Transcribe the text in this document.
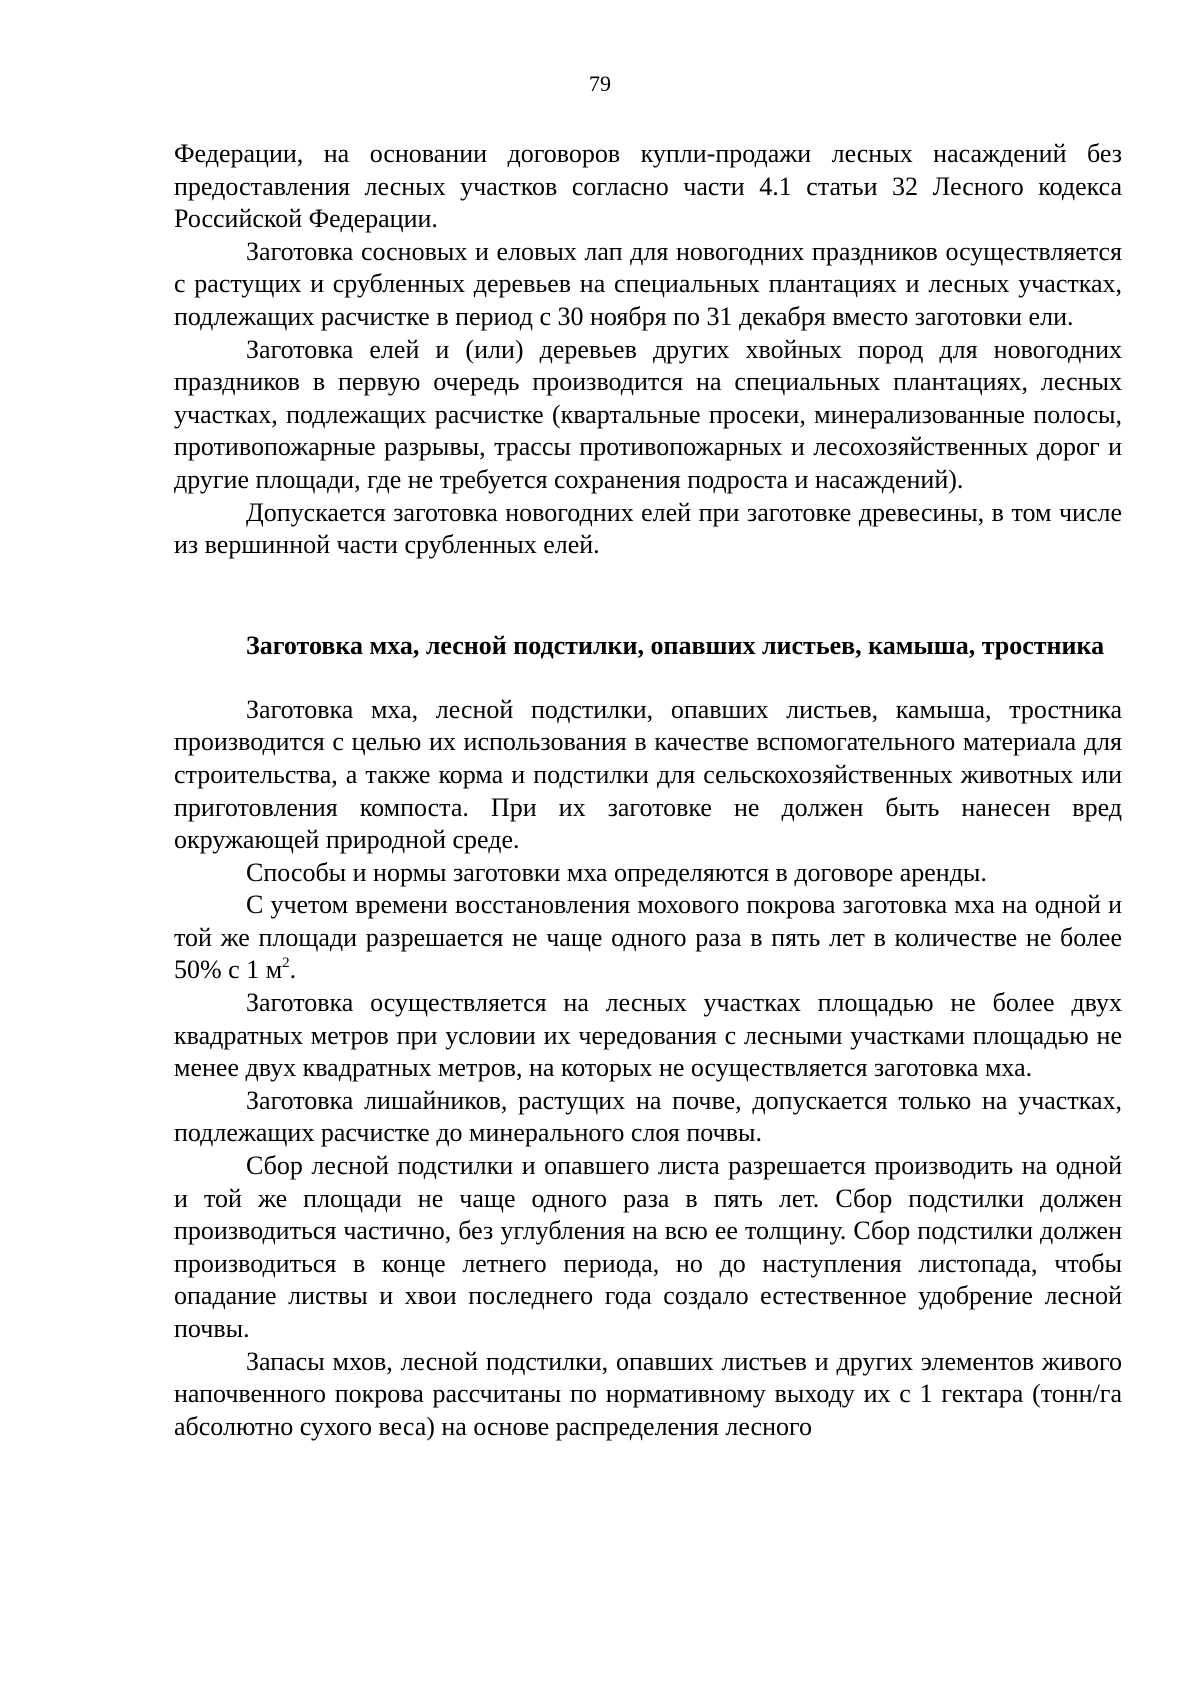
79

Федерации, на основании договоров купли-продажи лесных насаждений без предоставления лесных участков согласно части 4.1 статьи 32 Лесного кодекса Российской Федерации.

Заготовка сосновых и еловых лап для новогодних праздников осуществляется с растущих и срубленных деревьев на специальных плантациях и лесных участках, подлежащих расчистке в период с 30 ноября по 31 декабря вместо заготовки ели.

Заготовка елей и (или) деревьев других хвойных пород для новогодних праздников в первую очередь производится на специальных плантациях, лесных участках, подлежащих расчистке (квартальные просеки, минерализованные полосы, противопожарные разрывы, трассы противопожарных и лесохозяйственных дорог и другие площади, где не требуется сохранения подроста и насаждений).

Допускается заготовка новогодних елей при заготовке древесины, в том числе из вершинной части срубленных елей.

Заготовка мха, лесной подстилки, опавших листьев, камыша, тростника

Заготовка мха, лесной подстилки, опавших листьев, камыша, тростника производится с целью их использования в качестве вспомогательного материала для строительства, а также корма и подстилки для сельскохозяйственных животных или приготовления компоста. При их заготовке не должен быть нанесен вред окружающей природной среде.

Способы и нормы заготовки мха определяются в договоре аренды.

С учетом времени восстановления мохового покрова заготовка мха на одной и той же площади разрешается не чаще одного раза в пять лет в количестве не более 50% с 1 $м^2$.

Заготовка осуществляется на лесных участках площадью не более двух квадратных метров при условии их чередования с лесными участками площадью не менее двух квадратных метров, на которых не осуществляется заготовка мха.

Заготовка лишайников, растущих на почве, допускается только на участках, подлежащих расчистке до минерального слоя почвы.

Сбор лесной подстилки и опавшего листа разрешается производить на одной и той же площади не чаще одного раза в пять лет. Сбор подстилки должен производиться частично, без углубления на всю ее толщину. Сбор подстилки должен производиться в конце летнего периода, но до наступления листопада, чтобы опадание листвы и хвои последнего года создало естественное удобрение лесной почвы.

Запасы мхов, лесной подстилки, опавших листьев и других элементов живого напочвенного покрова рассчитаны по нормативному выходу их с 1 гектара (тонн/га абсолютно сухого веса) на основе распределения лесного
